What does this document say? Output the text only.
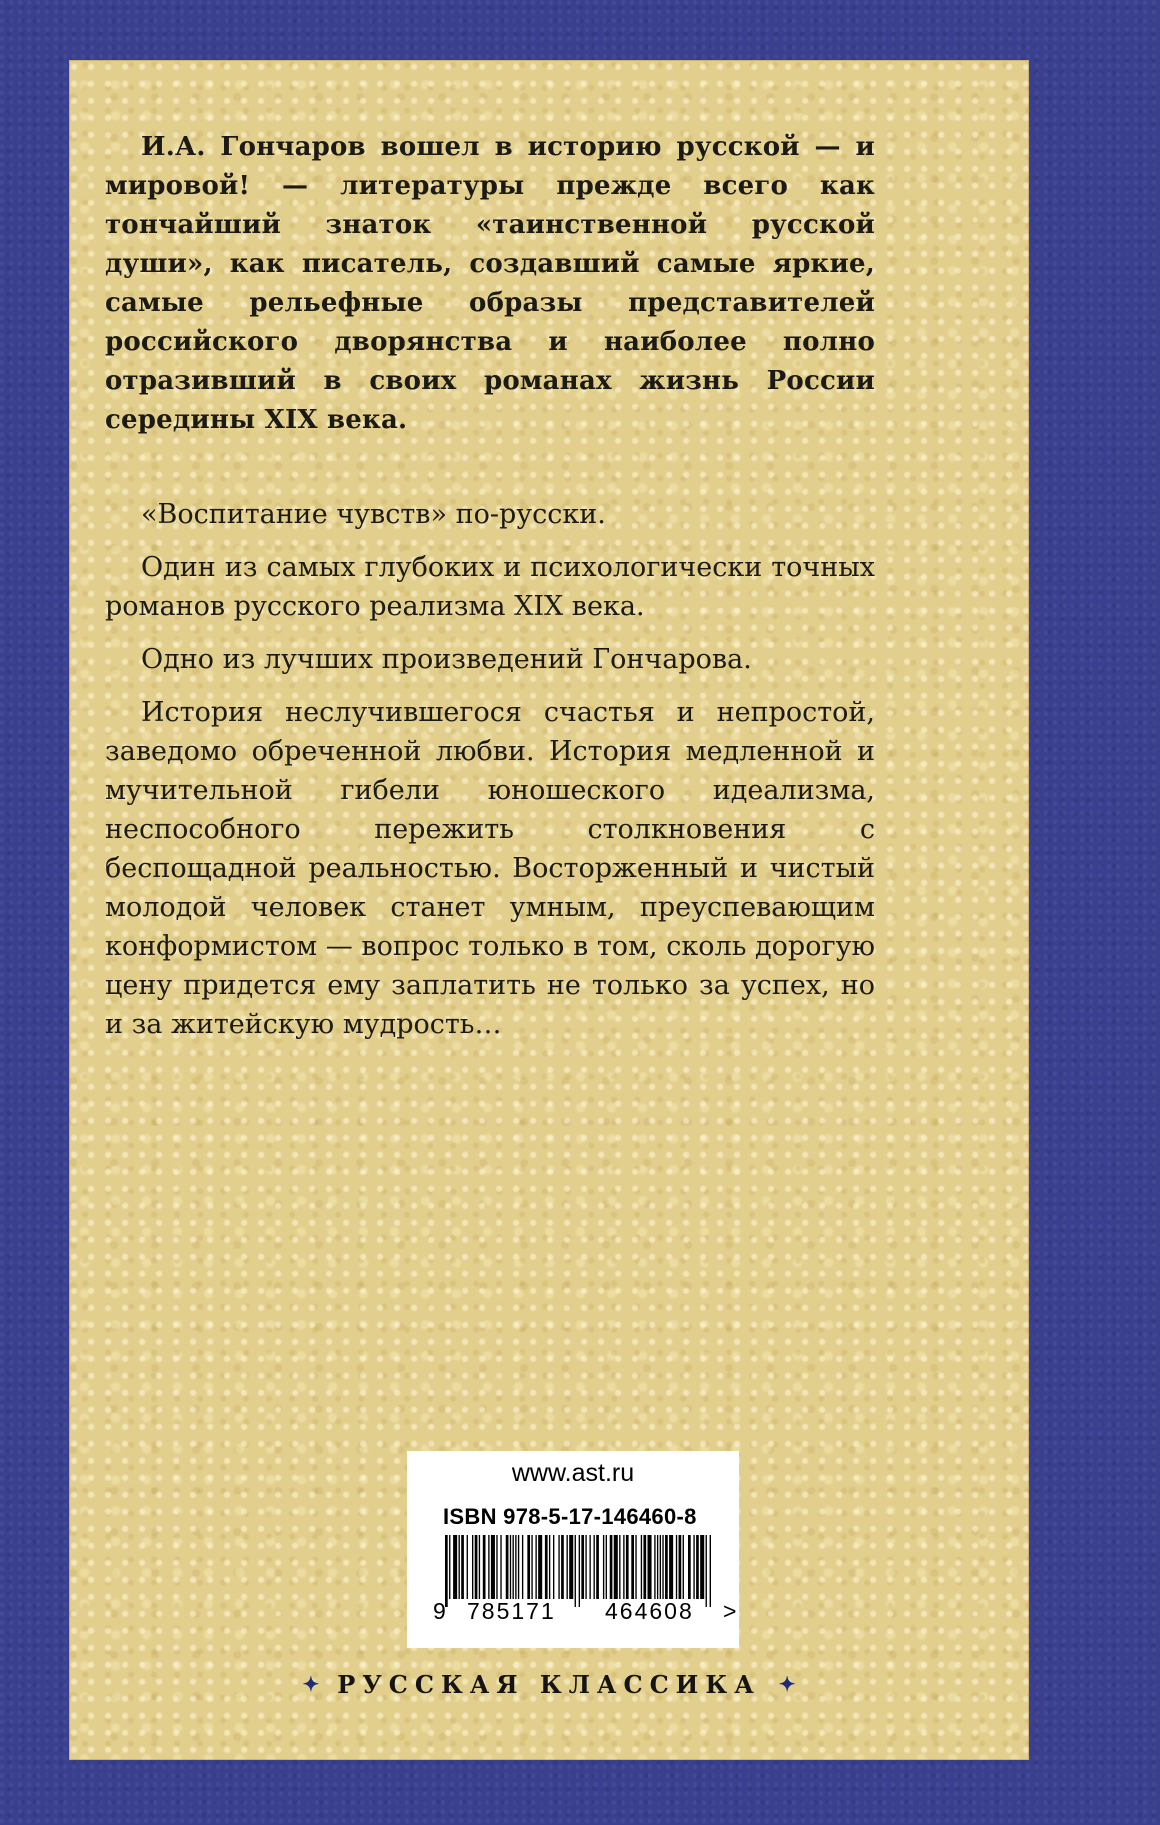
И.А. Гончаров вошел в историю русской — и мировой! — литературы прежде всего как тончайший знаток «таинственной русской души», как писатель, создавший самые яркие, самые рельефные образы представителей российского дворянства и наиболее полно отразивший в своих романах жизнь России середины XIX века.

«Воспитание чувств» по-русски.

Один из самых глубоких и психологически точных романов русского реализма XIX века.

Одно из лучших произведений Гончарова.

История неслучившегося счастья и непростой, заведомо обреченной любви. История медленной и мучительной гибели юношеского идеализма, неспособного пережить столкновения с беспощадной реальностью. Восторженный и чистый молодой человек станет умным, преуспевающим конформистом — вопрос только в том, сколь дорогую цену придется ему заплатить не только за успех, но и за житейскую мудрость…

www.ast.ru
ISBN 978-5-17-146460-8
9 785171 464608 >
✦ РУССКАЯ КЛАССИКА ✦
